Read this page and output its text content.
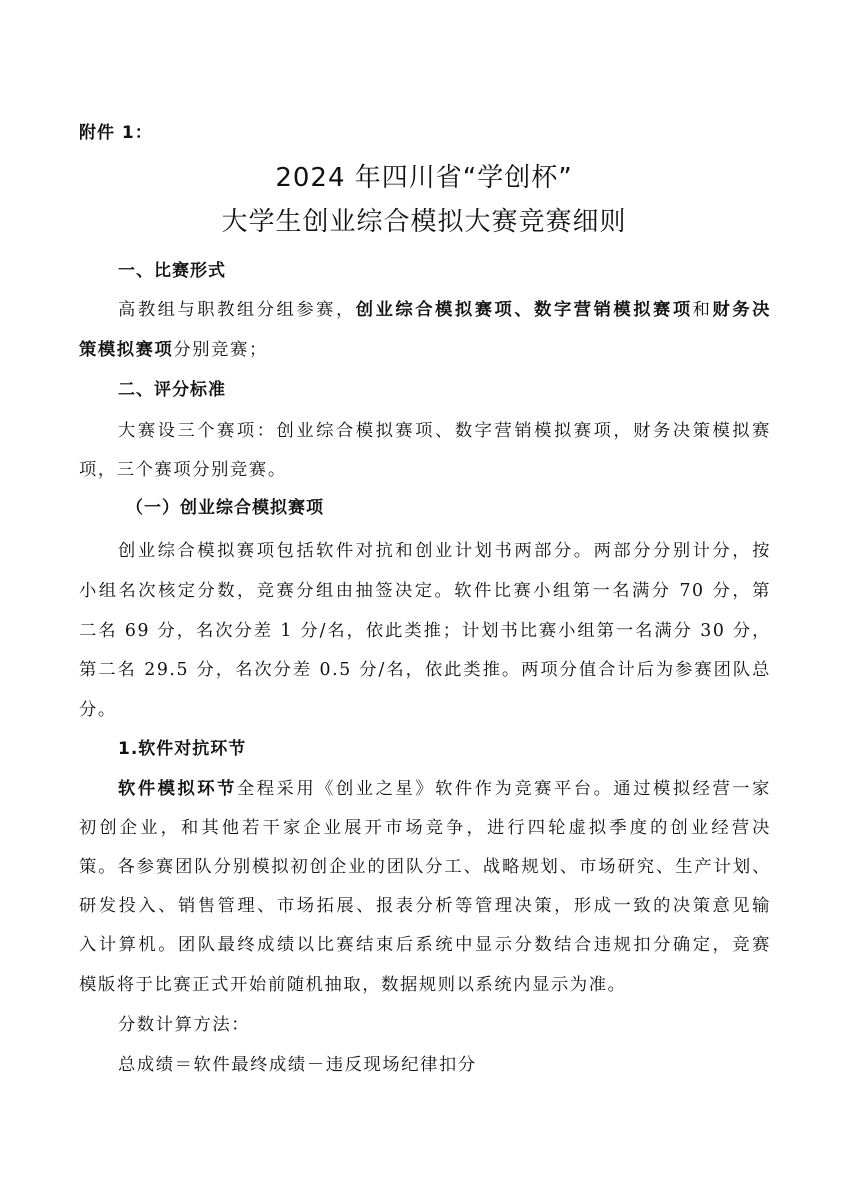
附件 1：
2024 年四川省“学创杯”
大学生创业综合模拟大赛竞赛细则
一、比赛形式
高教组与职教组分组参赛，创业综合模拟赛项、数字营销模拟赛项和财务决
策模拟赛项分别竞赛；
二、评分标准
大赛设三个赛项：创业综合模拟赛项、数字营销模拟赛项，财务决策模拟赛
项，三个赛项分别竞赛。
（一）创业综合模拟赛项
创业综合模拟赛项包括软件对抗和创业计划书两部分。两部分分别计分，按
小组名次核定分数，竞赛分组由抽签决定。软件比赛小组第一名满分 70 分，第
二名 69 分，名次分差 1 分/名，依此类推；计划书比赛小组第一名满分 30 分，
第二名 29.5 分，名次分差 0.5 分/名，依此类推。两项分值合计后为参赛团队总
分。
1.软件对抗环节
软件模拟环节全程采用《创业之星》软件作为竞赛平台。通过模拟经营一家
初创企业，和其他若干家企业展开市场竞争，进行四轮虚拟季度的创业经营决
策。各参赛团队分别模拟初创企业的团队分工、战略规划、市场研究、生产计划、
研发投入、销售管理、市场拓展、报表分析等管理决策，形成一致的决策意见输
入计算机。团队最终成绩以比赛结束后系统中显示分数结合违规扣分确定，竞赛
模版将于比赛正式开始前随机抽取，数据规则以系统内显示为准。
分数计算方法：
总成绩＝软件最终成绩－违反现场纪律扣分
